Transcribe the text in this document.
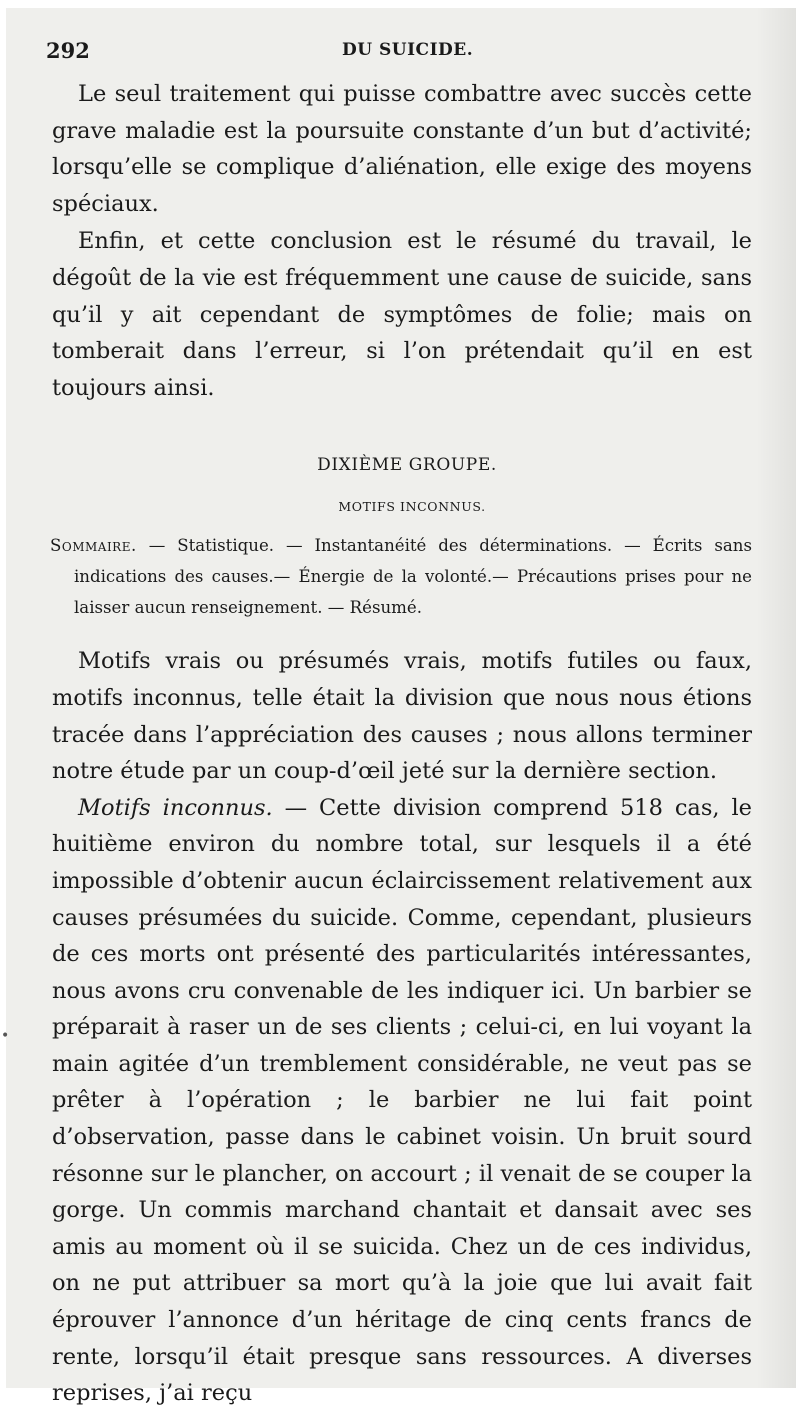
292	DU SUICIDE.

Le seul traitement qui puisse combattre avec succès cette grave maladie est la poursuite constante d’un but d’activité; lorsqu’elle se complique d’aliénation, elle exige des moyens spéciaux.

Enfin, et cette conclusion est le résumé du travail, le dégoût de la vie est fréquemment une cause de suicide, sans qu’il y ait cependant de symptômes de folie; mais on tomberait dans l’erreur, si l’on prétendait qu’il en est toujours ainsi.

DIXIÈME GROUPE.
MOTIFS INCONNUS.

Sommaire. — Statistique. — Instantanéité des déterminations. — Écrits sans indications des causes.— Énergie de la volonté.— Précautions prises pour ne laisser aucun renseignement. — Résumé.

Motifs vrais ou présumés vrais, motifs futiles ou faux, motifs inconnus, telle était la division que nous nous étions tracée dans l’appréciation des causes ; nous allons terminer notre étude par un coup-d’œil jeté sur la dernière section.

Motifs inconnus. — Cette division comprend 518 cas, le huitième environ du nombre total, sur lesquels il a été impossible d’obtenir aucun éclaircissement relativement aux causes présumées du suicide. Comme, cependant, plusieurs de ces morts ont présenté des particularités intéressantes, nous avons cru convenable de les indiquer ici. Un barbier se préparait à raser un de ses clients ; celui-ci, en lui voyant la main agitée d’un tremblement considérable, ne veut pas se prêter à l’opération ; le barbier ne lui fait point d’observation, passe dans le cabinet voisin. Un bruit sourd résonne sur le plancher, on accourt ; il venait de se couper la gorge. Un commis marchand chantait et dansait avec ses amis au moment où il se suicida. Chez un de ces individus, on ne put attribuer sa mort qu’à la joie que lui avait fait éprouver l’annonce d’un héritage de cinq cents francs de rente, lorsqu’il était presque sans ressources. A diverses reprises, j’ai reçu

•
